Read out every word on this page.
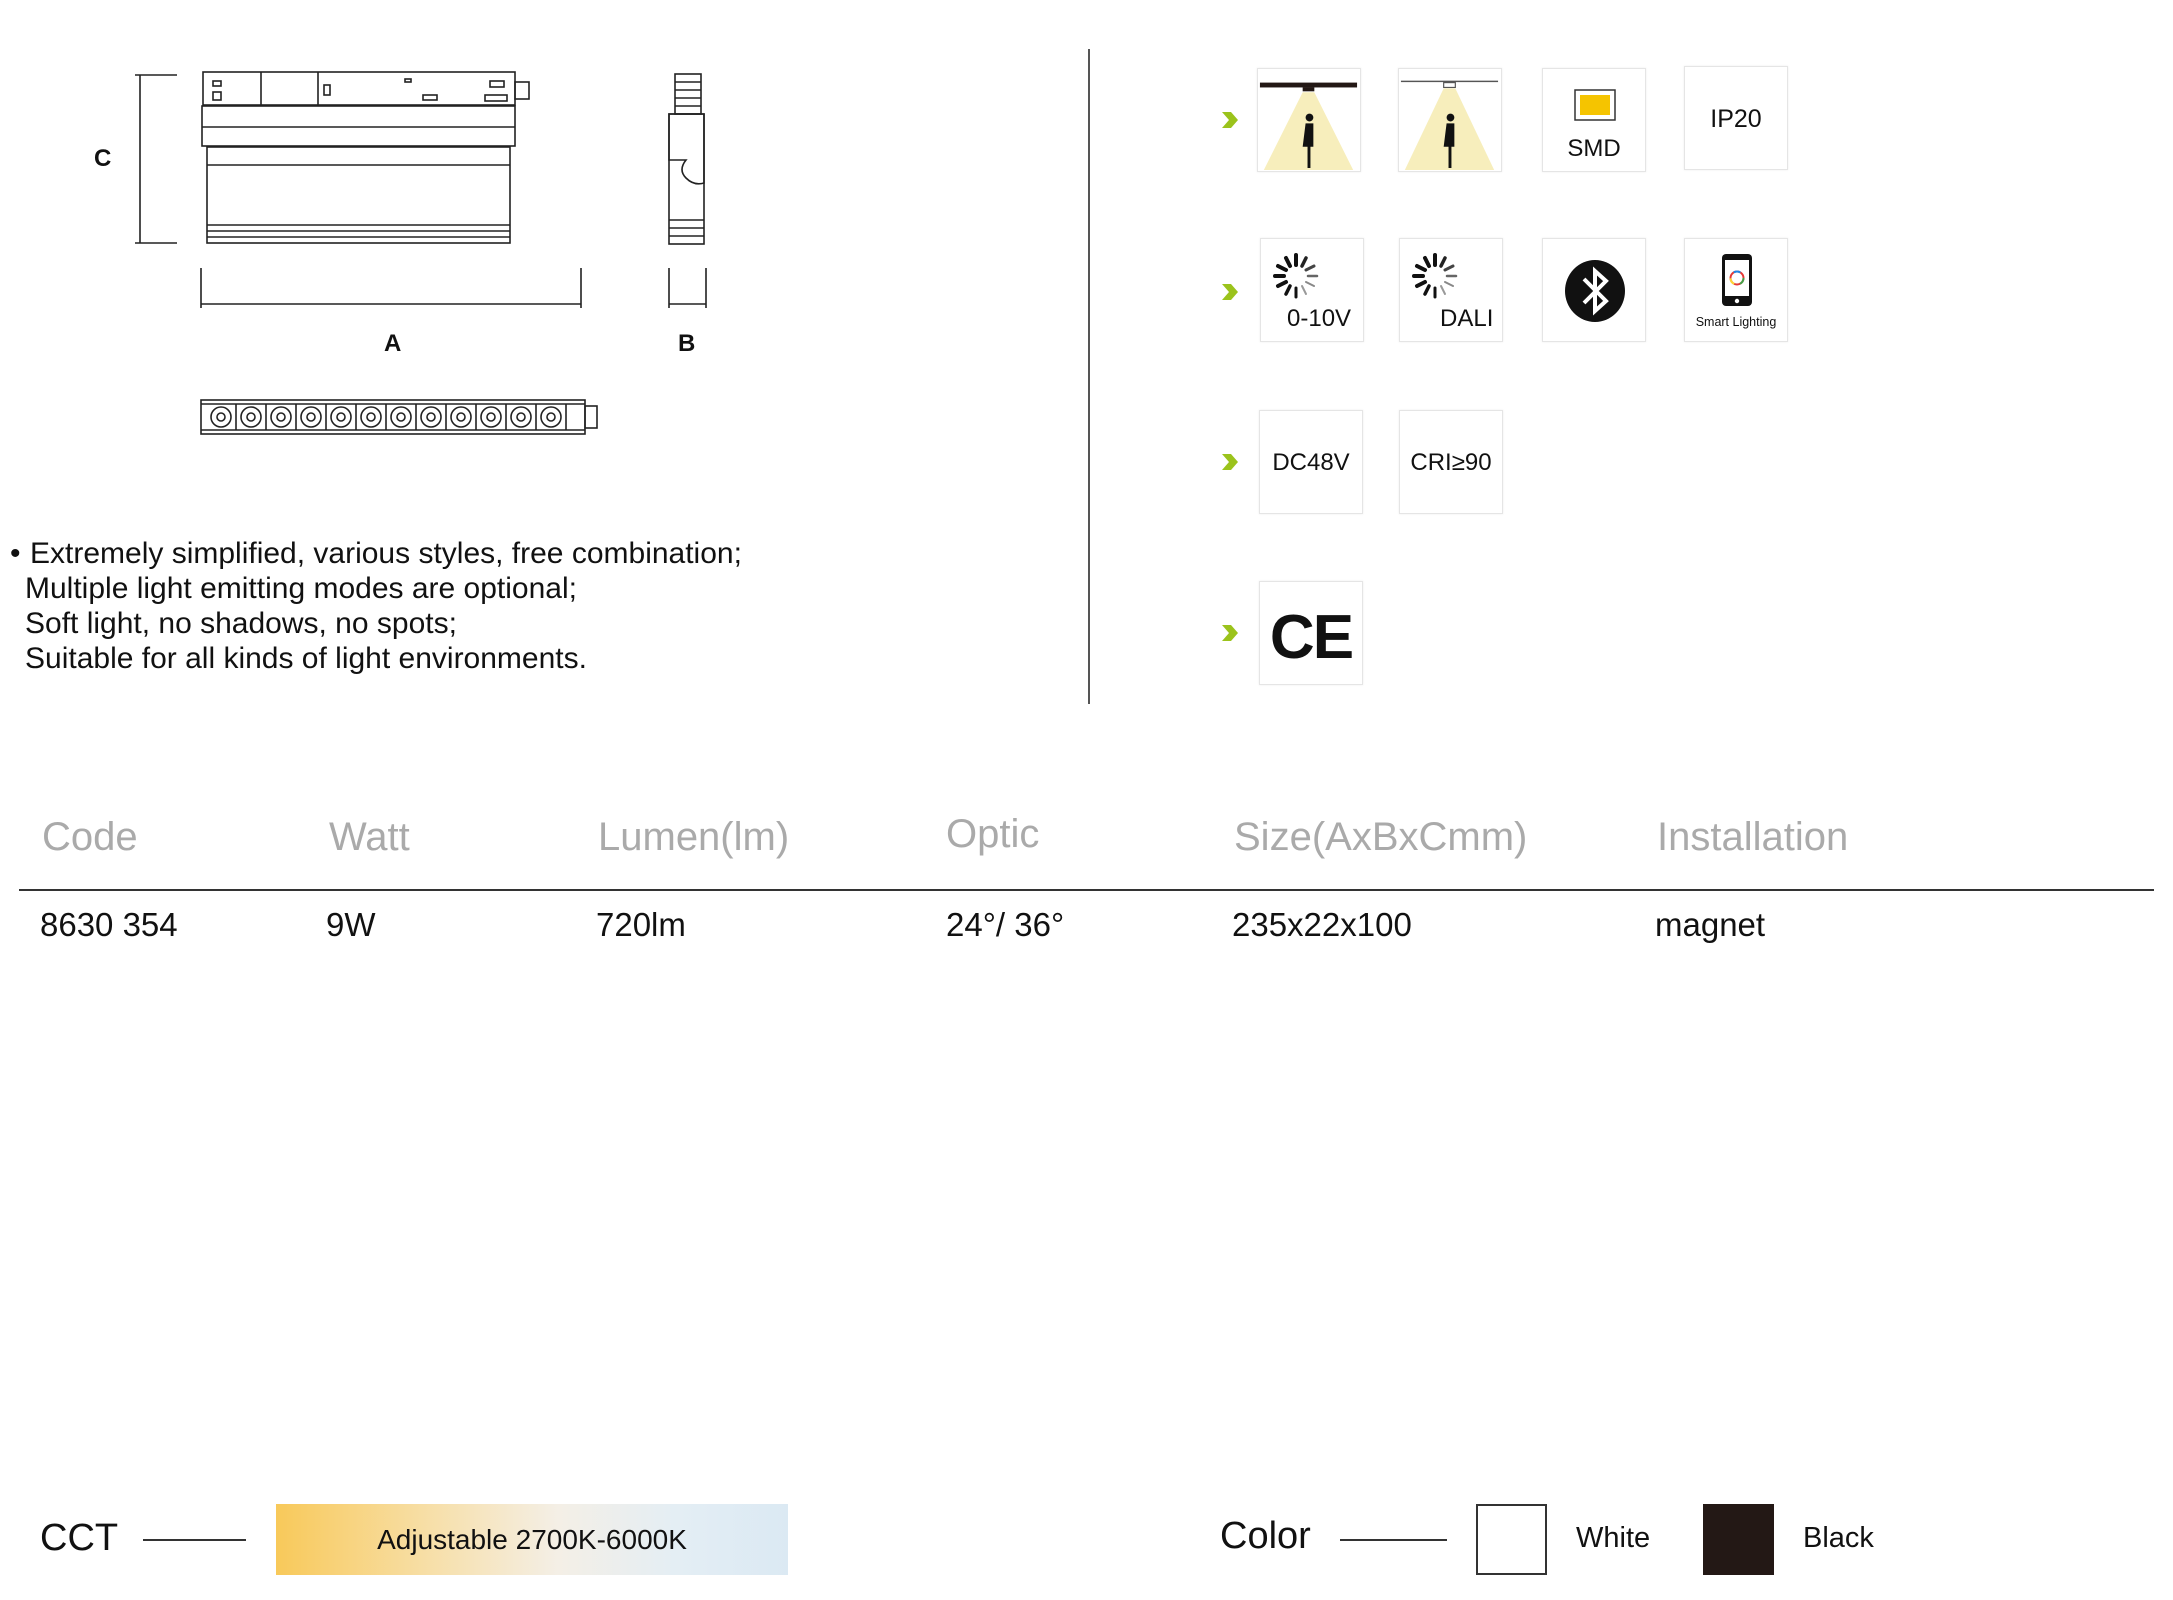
A	B
C
• Extremely simplified, various styles, free combination;
Multiple light emitting modes are optional;
Soft light, no shadows, no spots;
Suitable for all kinds of light environments.
SMD
IP20
0-10V	DALI	Smart Lighting
DC48V	CRI≥90
CE
Code	Watt	Lumen(lm)	Optic	Size(AxBxCmm)	Installation
8630 354	9W	720lm	24°/ 36°	235x22x100	magnet
CCT	Adjustable 2700K-6000K	Color	White	Black
